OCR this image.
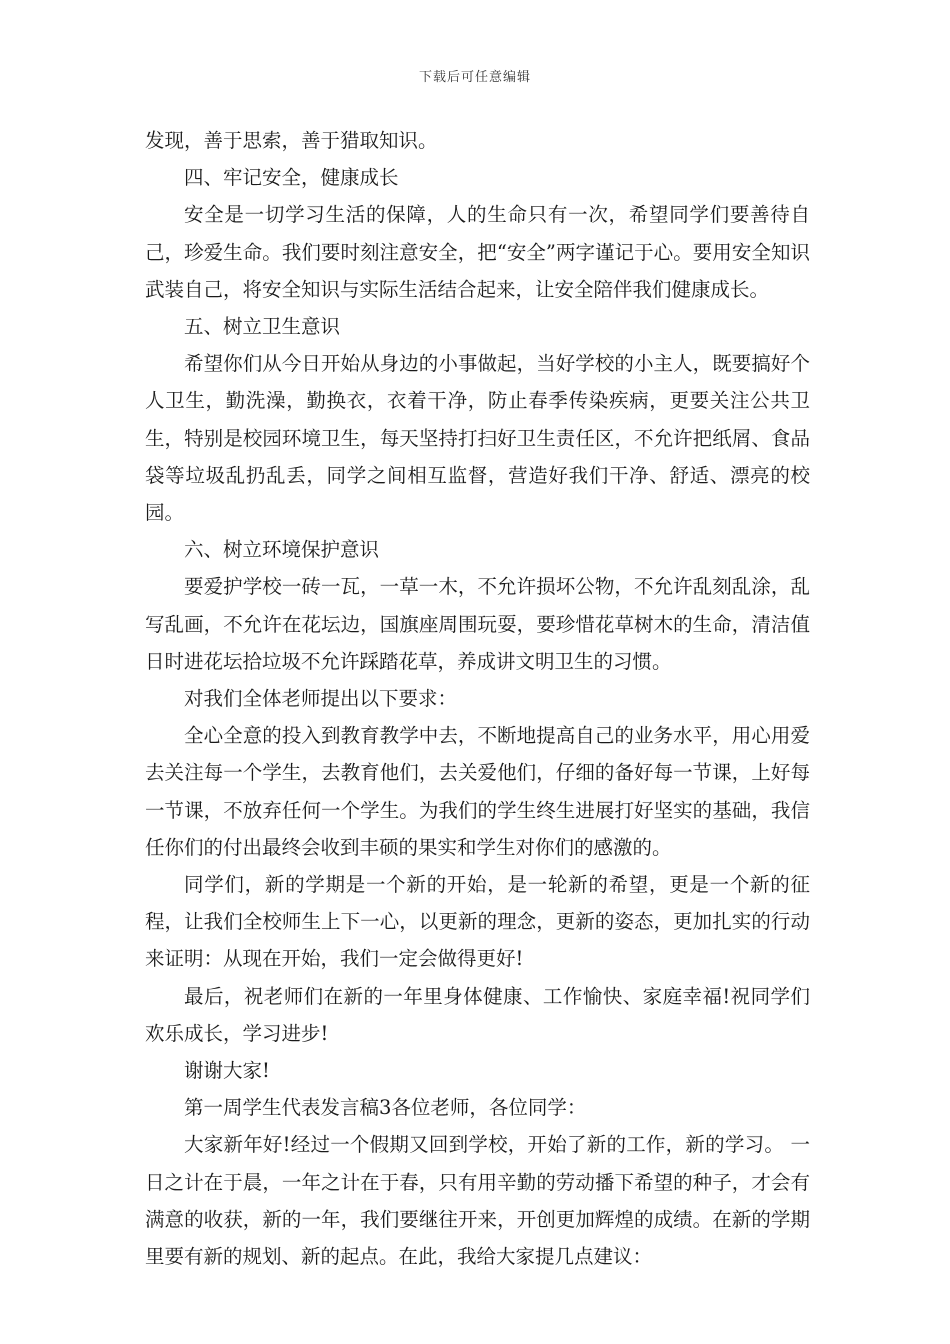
下载后可任意编辑

发现，善于思索，善于猎取知识。

四、牢记安全，健康成长

安全是一切学习生活的保障，人的生命只有一次，希望同学们要善待自己，珍爱生命。我们要时刻注意安全，把“安全”两字谨记于心。要用安全知识武装自己，将安全知识与实际生活结合起来，让安全陪伴我们健康成长。

五、树立卫生意识

希望你们从今日开始从身边的小事做起，当好学校的小主人，既要搞好个人卫生，勤洗澡，勤换衣，衣着干净，防止春季传染疾病，更要关注公共卫生，特别是校园环境卫生，每天坚持打扫好卫生责任区，不允许把纸屑、食品袋等垃圾乱扔乱丢，同学之间相互监督，营造好我们干净、舒适、漂亮的校园。

六、树立环境保护意识

要爱护学校一砖一瓦，一草一木，不允许损坏公物，不允许乱刻乱涂，乱写乱画，不允许在花坛边，国旗座周围玩耍，要珍惜花草树木的生命，清洁值日时进花坛拾垃圾不允许踩踏花草，养成讲文明卫生的习惯。

对我们全体老师提出以下要求：

全心全意的投入到教育教学中去，不断地提高自己的业务水平，用心用爱去关注每一个学生，去教育他们，去关爱他们，仔细的备好每一节课，上好每一节课，不放弃任何一个学生。为我们的学生终生进展打好坚实的基础，我信任你们的付出最终会收到丰硕的果实和学生对你们的感激的。

同学们，新的学期是一个新的开始，是一轮新的希望，更是一个新的征程，让我们全校师生上下一心，以更新的理念，更新的姿态，更加扎实的行动来证明：从现在开始，我们一定会做得更好!

最后，祝老师们在新的一年里身体健康、工作愉快、家庭幸福!祝同学们欢乐成长，学习进步!

谢谢大家!

第一周学生代表发言稿3各位老师，各位同学：

大家新年好!经过一个假期又回到学校，开始了新的工作，新的学习。 一日之计在于晨，一年之计在于春，只有用辛勤的劳动播下希望的种子，才会有满意的收获，新的一年，我们要继往开来，开创更加辉煌的成绩。在新的学期里要有新的规划、新的起点。在此，我给大家提几点建议：
